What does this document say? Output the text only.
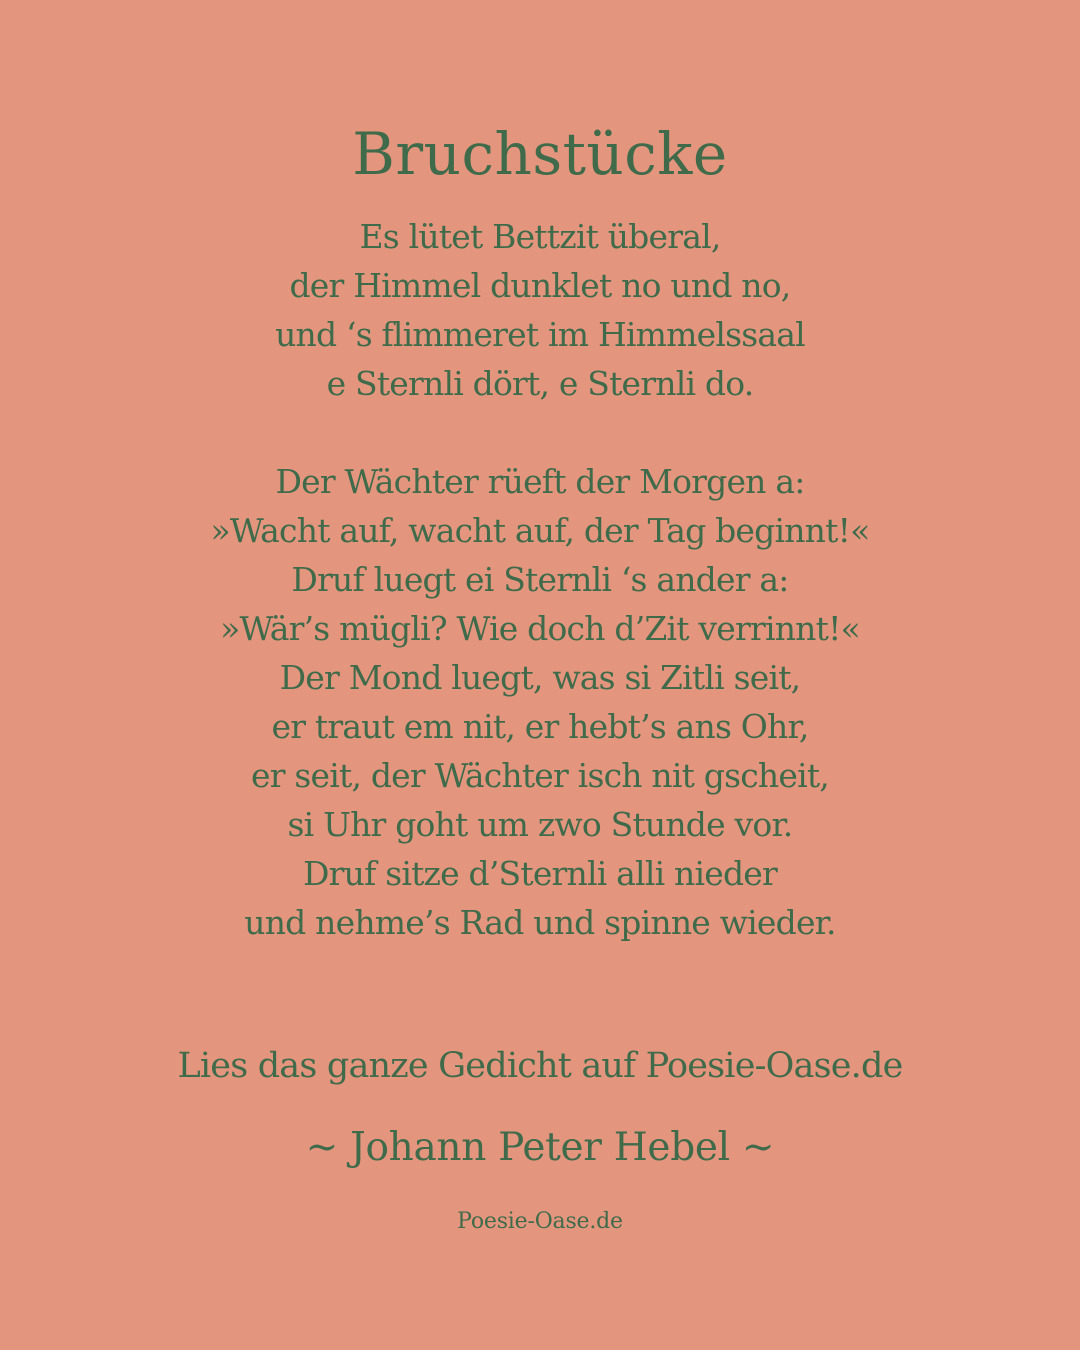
Bruchstücke
Es lütet Bettzit überal,
der Himmel dunklet no und no,
und ‘s flimmeret im Himmelssaal
e Sternli dört, e Sternli do.
Der Wächter rüeft der Morgen a:
»Wacht auf, wacht auf, der Tag beginnt!«
Druf luegt ei Sternli ‘s ander a:
»Wär’s mügli? Wie doch d’Zit verrinnt!«
Der Mond luegt, was si Zitli seit,
er traut em nit, er hebt’s ans Ohr,
er seit, der Wächter isch nit gscheit,
si Uhr goht um zwo Stunde vor.
Druf sitze d’Sternli alli nieder
und nehme’s Rad und spinne wieder.
Lies das ganze Gedicht auf Poesie-Oase.de
~ Johann Peter Hebel ~
Poesie-Oase.de
